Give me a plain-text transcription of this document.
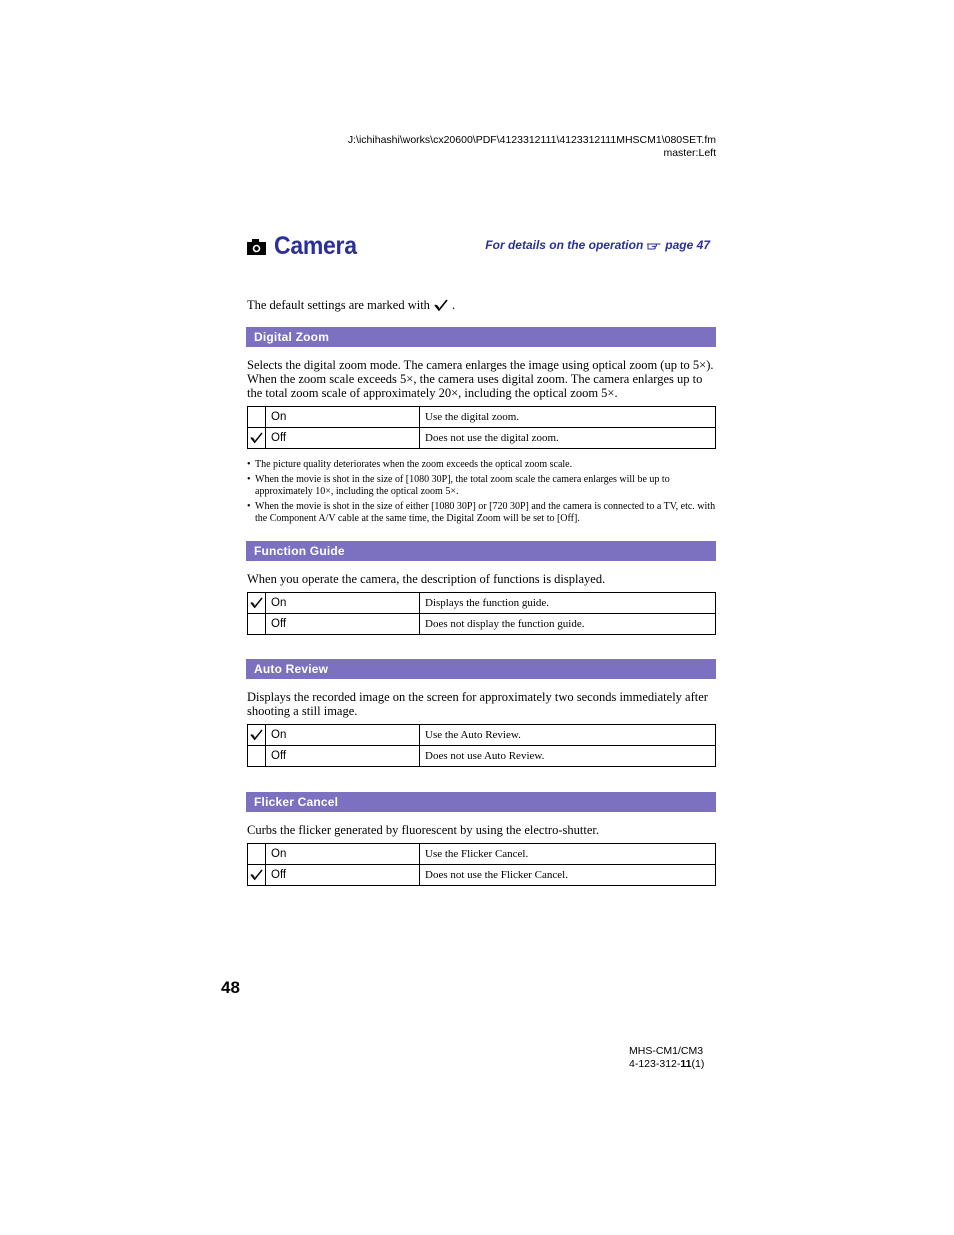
J:\ichihashi\works\cx20600\PDF\4123312111\4123312111MHSCM1\080SET.fm
master:Left
Camera	For details on the operation page 47
The default settings are marked with .
Digital Zoom
Selects the digital zoom mode. The camera enlarges the image using optical zoom (up to 5×). When the zoom scale exceeds 5×, the camera uses digital zoom. The camera enlarges up to the total zoom scale of approximately 20×, including the optical zoom 5×.
	On	Use the digital zoom.

	Off	Does not use the digital zoom.
• The picture quality deteriorates when the zoom exceeds the optical zoom scale.
• When the movie is shot in the size of [1080 30P], the total zoom scale the camera enlarges will be up to approximately 10×, including the optical zoom 5×.
• When the movie is shot in the size of either [1080 30P] or [720 30P] and the camera is connected to a TV, etc. with the Component A/V cable at the same time, the Digital Zoom will be set to [Off].
Function Guide
When you operate the camera, the description of functions is displayed.
	On	Displays the function guide.
	Off	Does not display the function guide.
Auto Review
Displays the recorded image on the screen for approximately two seconds immediately after shooting a still image.
	On	Use the Auto Review.
	Off	Does not use Auto Review.
Flicker Cancel
Curbs the flicker generated by fluorescent by using the electro-shutter.
	On	Use the Flicker Cancel.

	Off	Does not use the Flicker Cancel.
48
MHS-CM1/CM3
4-123-312-11(1)
